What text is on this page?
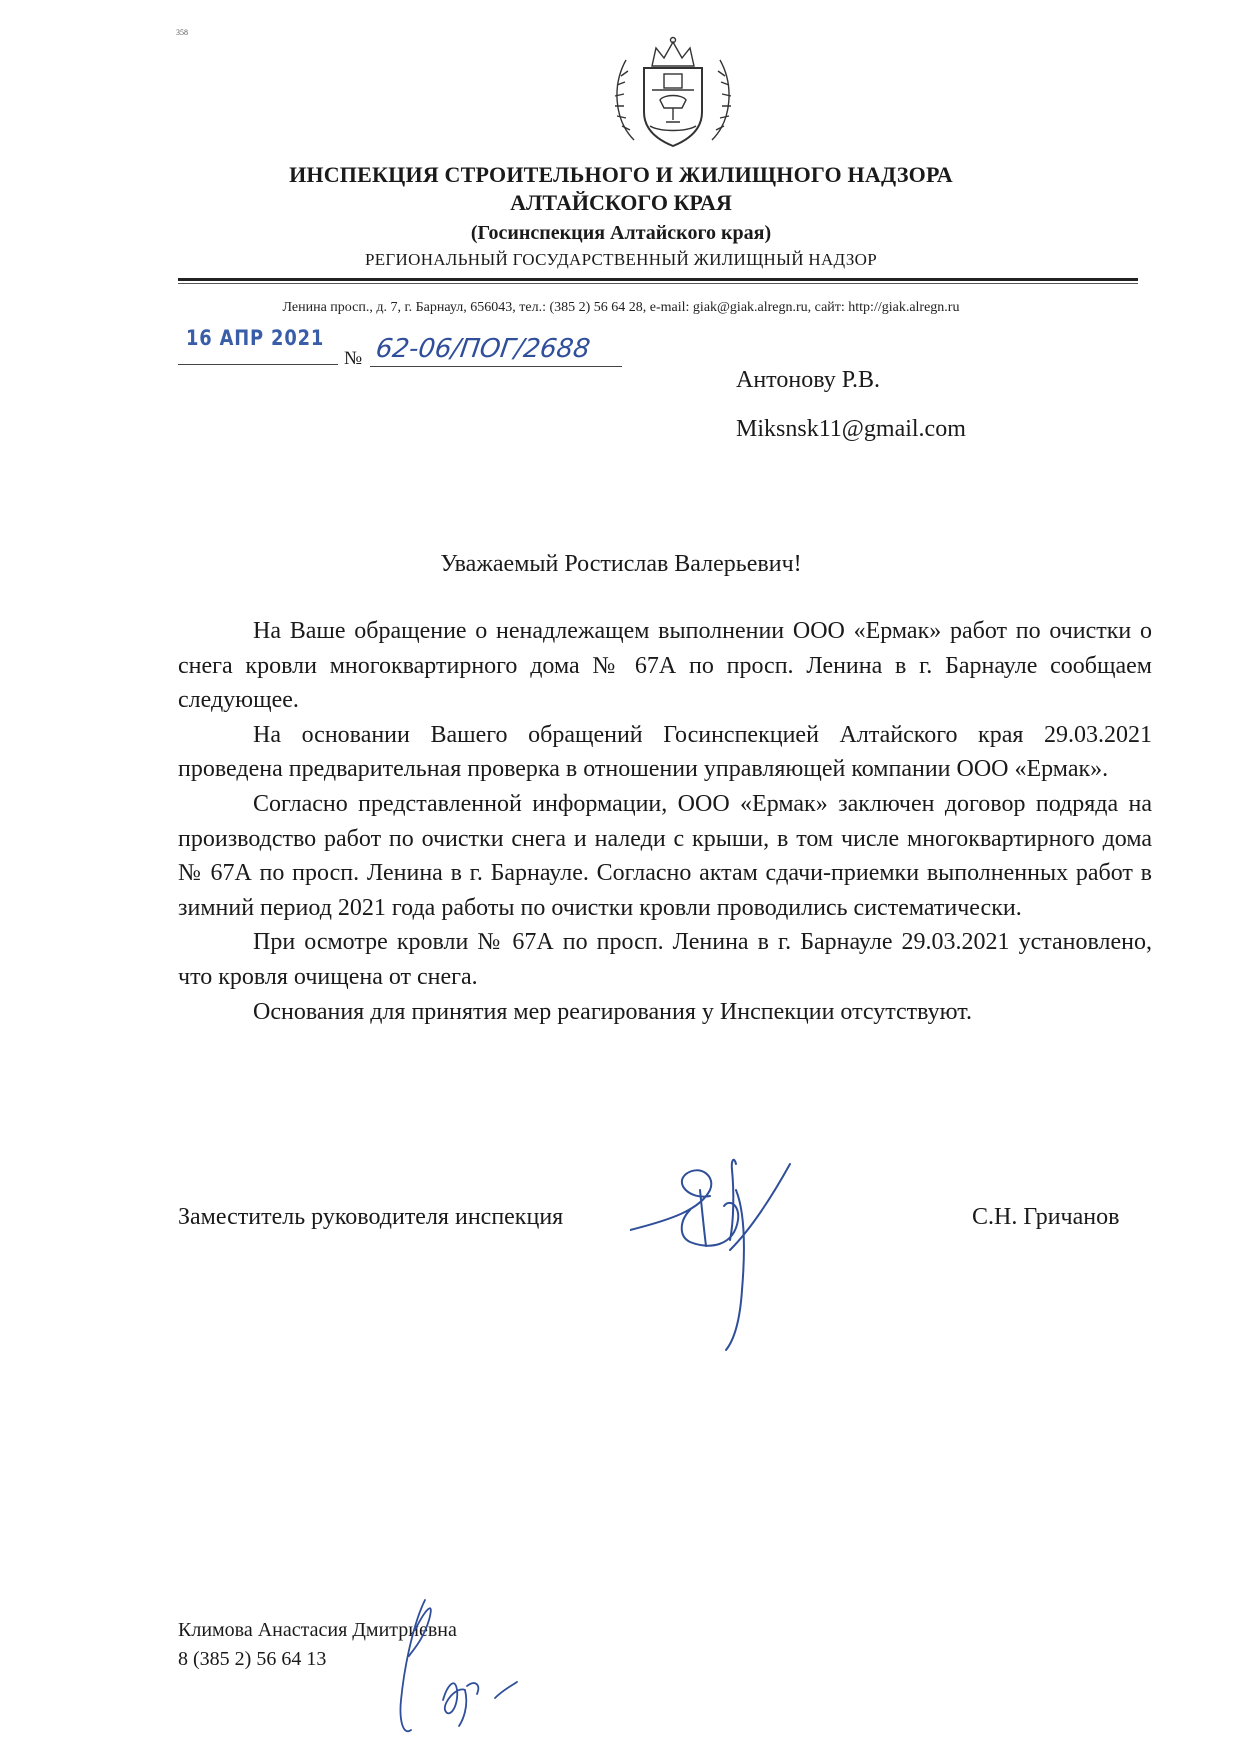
358
ИНСПЕКЦИЯ СТРОИТЕЛЬНОГО И ЖИЛИЩНОГО НАДЗОРА
АЛТАЙСКОГО КРАЯ
(Госинспекция Алтайского края)
РЕГИОНАЛЬНЫЙ ГОСУДАРСТВЕННЫЙ ЖИЛИЩНЫЙ НАДЗОР
Ленина просп., д. 7, г. Барнаул, 656043, тел.: (385 2) 56 64 28, e-mail: giak@giak.alregn.ru, сайт: http://giak.alregn.ru
16 АПР 2021
№ 62-06/ПОГ/2688
Антонову Р.В.
Miksnsk11@gmail.com
Уважаемый Ростислав Валерьевич!

На Ваше обращение о ненадлежащем выполнении ООО «Ермак» работ по очистки о снега кровли многоквартирного дома № 67А по просп. Ленина в г. Барнауле сообщаем следующее.

На основании Вашего обращений Госинспекцией Алтайского края 29.03.2021 проведена предварительная проверка в отношении управляющей компании ООО «Ермак».

Согласно представленной информации, ООО «Ермак» заключен договор подряда на производство работ по очистки снега и наледи с крыши, в том числе многоквартирного дома № 67А по просп. Ленина в г. Барнауле. Согласно актам сдачи-приемки выполненных работ в зимний период 2021 года работы по очистки кровли проводились систематически.

При осмотре кровли № 67А по просп. Ленина в г. Барнауле 29.03.2021 установлено, что кровля очищена от снега.

Основания для принятия мер реагирования у Инспекции отсутствуют.

Заместитель руководителя инспекция	С.Н. Гричанов
Климова Анастасия Дмитриевна
8 (385 2) 56 64 13
